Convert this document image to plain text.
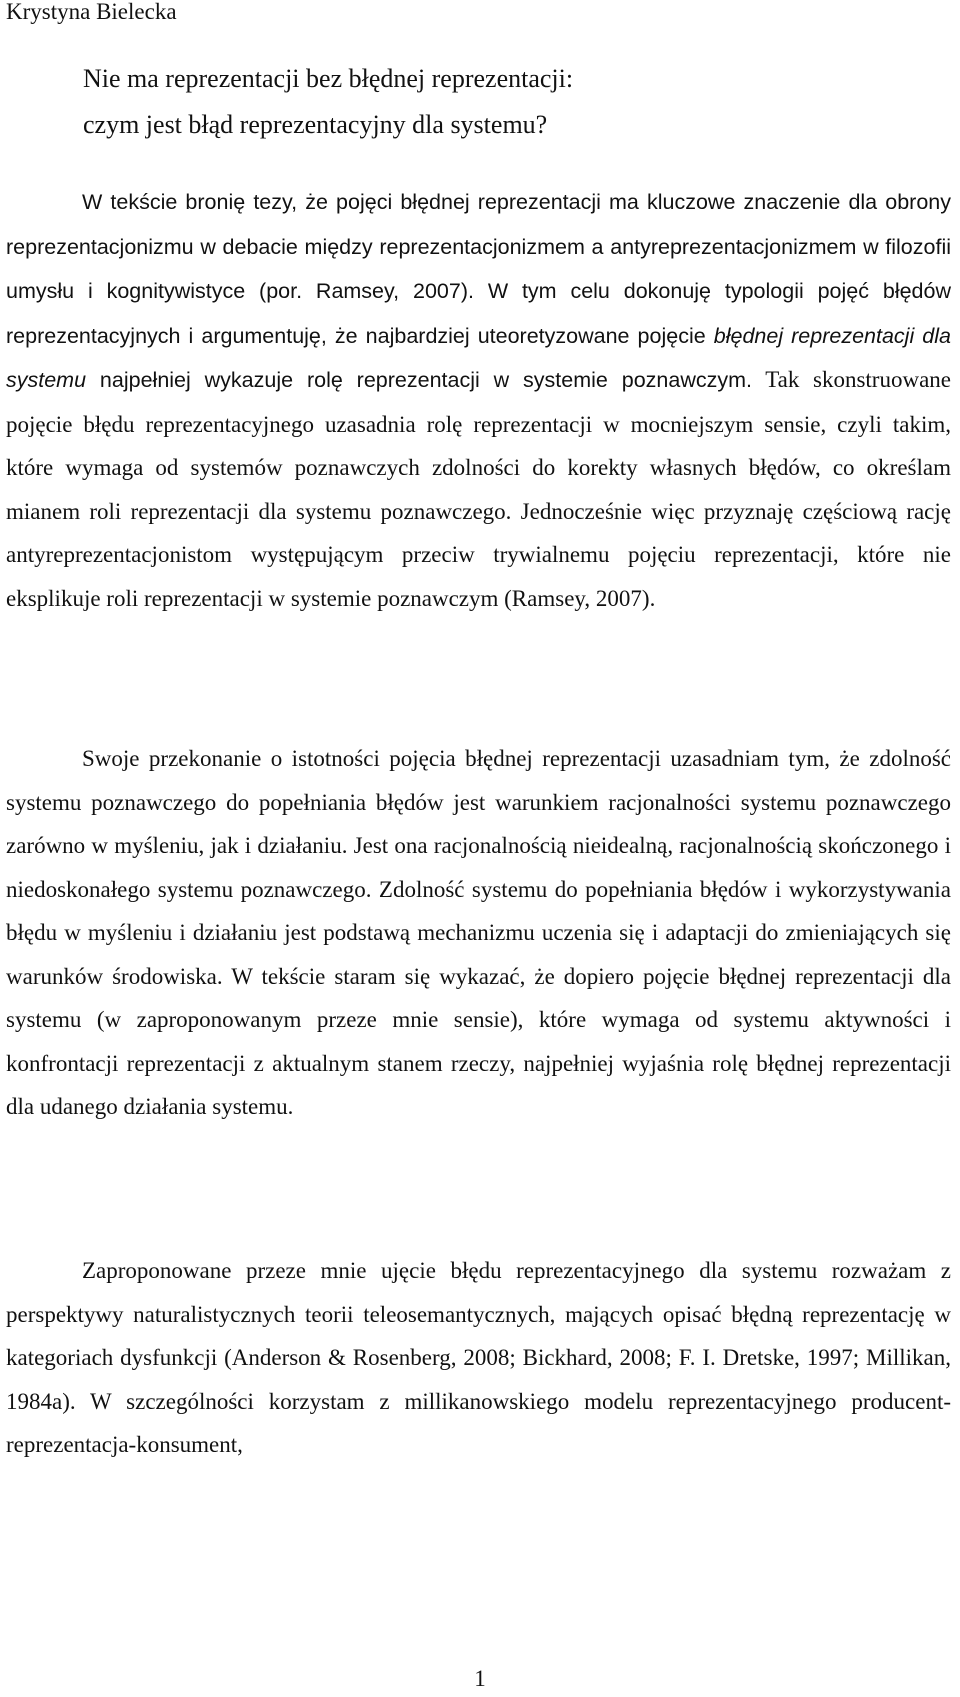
Krystyna Bielecka
Nie ma reprezentacji bez błędnej reprezentacji:
czym jest błąd reprezentacyjny dla systemu?

W tekście bronię tezy, że pojęci błędnej reprezentacji ma kluczowe znaczenie dla obrony reprezentacjonizmu w debacie między reprezentacjonizmem a antyreprezentacjonizmem w filozofii umysłu i kognitywistyce (por. Ramsey, 2007). W tym celu dokonuję typologii pojęć błędów reprezentacyjnych i argumentuję, że najbardziej uteoretyzowane pojęcie błędnej reprezentacji dla systemu najpełniej wykazuje rolę reprezentacji w systemie poznawczym. Tak skonstruowane pojęcie błędu reprezentacyjnego uzasadnia rolę reprezentacji w mocniejszym sensie, czyli takim, które wymaga od systemów poznawczych zdolności do korekty własnych błędów, co określam mianem roli reprezentacji dla systemu poznawczego. Jednocześnie więc przyznaję częściową rację antyreprezentacjonistom występującym przeciw trywialnemu pojęciu reprezentacji, które nie eksplikuje roli reprezentacji w systemie poznawczym (Ramsey, 2007).

Swoje przekonanie o istotności pojęcia błędnej reprezentacji uzasadniam tym, że zdolność systemu poznawczego do popełniania błędów jest warunkiem racjonalności systemu poznawczego zarówno w myśleniu, jak i działaniu. Jest ona racjonalnością nieidealną, racjonalnością skończonego i niedoskonałego systemu poznawczego. Zdolność systemu do popełniania błędów i wykorzystywania błędu w myśleniu i działaniu jest podstawą mechanizmu uczenia się i adaptacji do zmieniających się warunków środowiska. W tekście staram się wykazać, że dopiero pojęcie błędnej reprezentacji dla systemu (w zaproponowanym przeze mnie sensie), które wymaga od systemu aktywności i konfrontacji reprezentacji z aktualnym stanem rzeczy, najpełniej wyjaśnia rolę błędnej reprezentacji dla udanego działania systemu.

Zaproponowane przeze mnie ujęcie błędu reprezentacyjnego dla systemu rozważam z perspektywy naturalistycznych teorii teleosemantycznych, mających opisać błędną reprezentację w kategoriach dysfunkcji (Anderson & Rosenberg, 2008; Bickhard, 2008; F. I. Dretske, 1997; Millikan, 1984a). W szczególności korzystam z millikanowskiego modelu reprezentacyjnego producent-reprezentacja-konsument,

1
